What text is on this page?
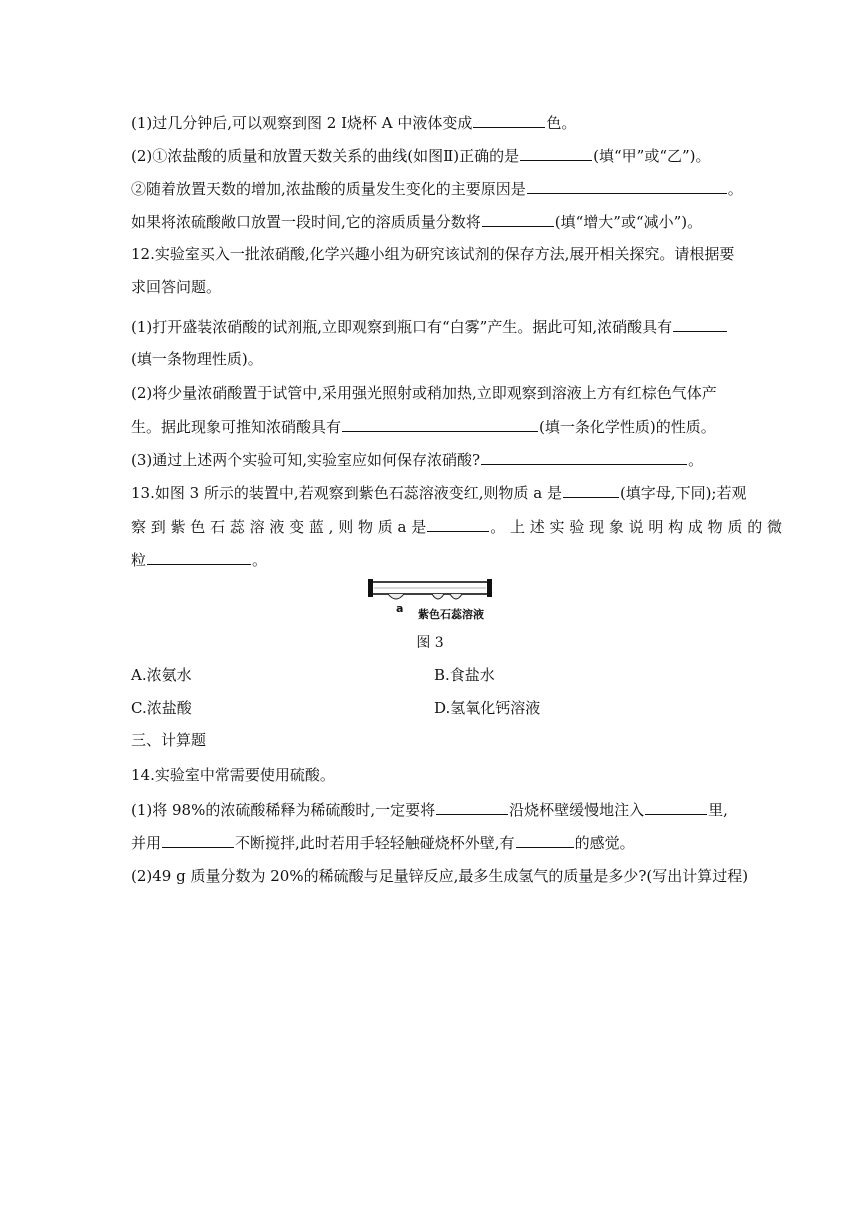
(1)过几分钟后,可以观察到图 2 Ⅰ烧杯 A 中液体变成	色。
(2)①浓盐酸的质量和放置天数关系的曲线(如图Ⅱ)正确的是	(填“甲”或“乙”)。
②随着放置天数的增加,浓盐酸的质量发生变化的主要原因是	。
如果将浓硫酸敞口放置一段时间,它的溶质质量分数将	(填“增大”或“减小”)。
12.实验室买入一批浓硝酸,化学兴趣小组为研究该试剂的保存方法,展开相关探究。请根据要
求回答问题。
(1)打开盛装浓硝酸的试剂瓶,立即观察到瓶口有“白雾”产生。据此可知,浓硝酸具有
(填一条物理性质)。
(2)将少量浓硝酸置于试管中,采用强光照射或稍加热,立即观察到溶液上方有红棕色气体产
生。据此现象可推知浓硝酸具有	(填一条化学性质)的性质。
(3)通过上述两个实验可知,实验室应如何保存浓硝酸?	。
13.如图 3 所示的装置中,若观察到紫色石蕊溶液变红,则物质 a 是	(填字母,下同);若观
察 到 紫 色 石 蕊 溶 液 变 蓝 , 则 物 质 a 是	。 上 述 实 验 现 象 说 明 构 成 物 质 的 微
粒	。
a 紫色石蕊溶液
图 3
A.浓氨水	B.食盐水
C.浓盐酸	D.氢氧化钙溶液
三、计算题
14.实验室中常需要使用硫酸。
(1)将 98%的浓硫酸稀释为稀硫酸时,一定要将	沿烧杯壁缓慢地注入	里,
并用	不断搅拌,此时若用手轻轻触碰烧杯外壁,有	的感觉。
(2)49 g 质量分数为 20%的稀硫酸与足量锌反应,最多生成氢气的质量是多少?(写出计算过程)
